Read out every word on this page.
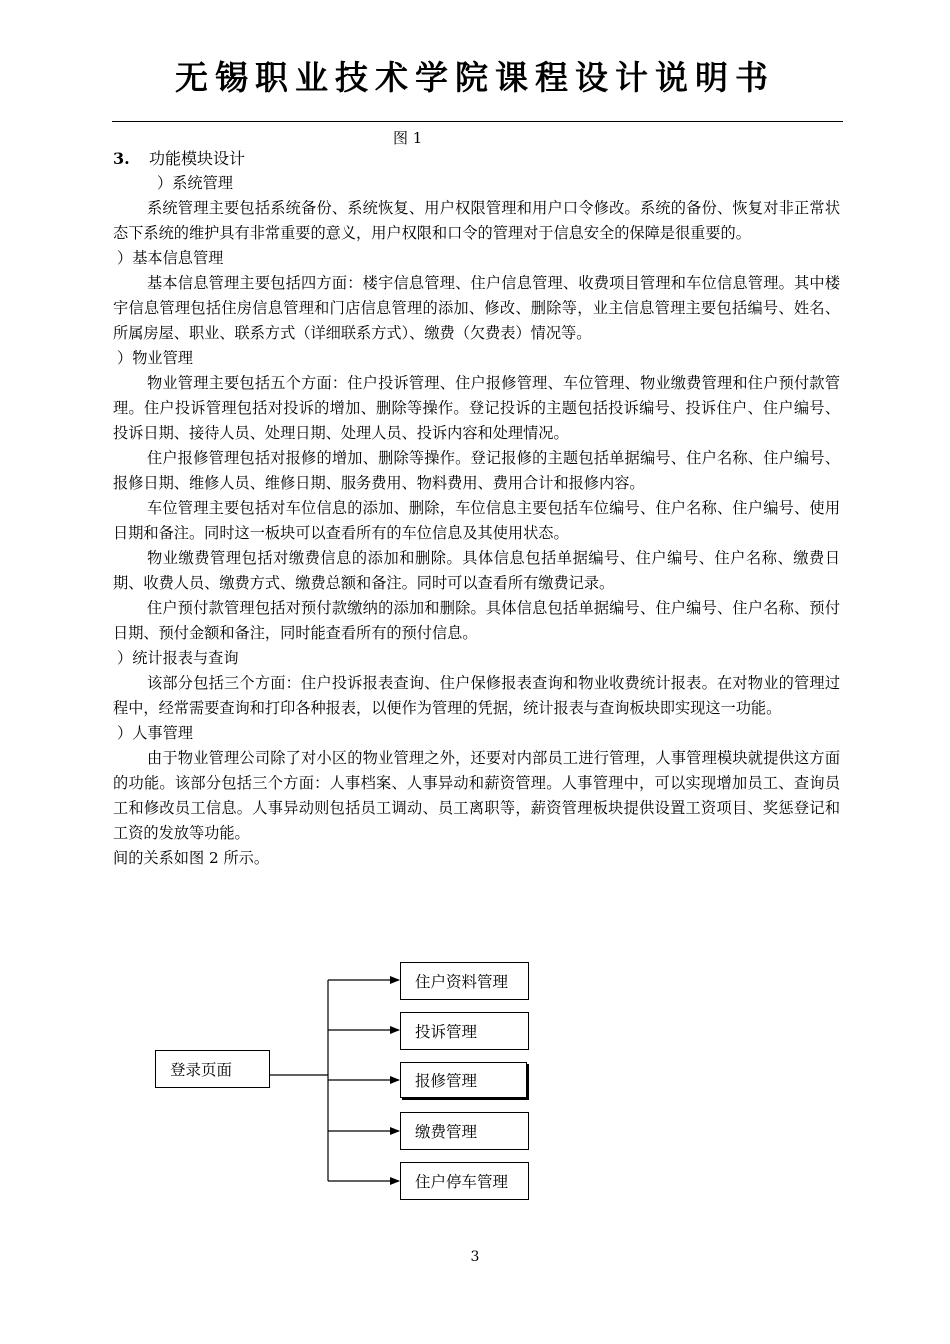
无锡职业技术学院课程设计说明书
图 1

3. 功能模块设计

）系统管理

系统管理主要包括系统备份、系统恢复、用户权限管理和用户口令修改。系统的备份、恢复对非正常状态下系统的维护具有非常重要的意义，用户权限和口令的管理对于信息安全的保障是很重要的。

）基本信息管理

基本信息管理主要包括四方面：楼宇信息管理、住户信息管理、收费项目管理和车位信息管理。其中楼宇信息管理包括住房信息管理和门店信息管理的添加、修改、删除等，业主信息管理主要包括编号、姓名、所属房屋、职业、联系方式（详细联系方式）、缴费（欠费表）情况等。

）物业管理

物业管理主要包括五个方面：住户投诉管理、住户报修管理、车位管理、物业缴费管理和住户预付款管理。住户投诉管理包括对投诉的增加、删除等操作。登记投诉的主题包括投诉编号、投诉住户、住户编号、投诉日期、接待人员、处理日期、处理人员、投诉内容和处理情况。

住户报修管理包括对报修的增加、删除等操作。登记报修的主题包括单据编号、住户名称、住户编号、报修日期、维修人员、维修日期、服务费用、物料费用、费用合计和报修内容。

车位管理主要包括对车位信息的添加、删除，车位信息主要包括车位编号、住户名称、住户编号、使用日期和备注。同时这一板块可以查看所有的车位信息及其使用状态。

物业缴费管理包括对缴费信息的添加和删除。具体信息包括单据编号、住户编号、住户名称、缴费日期、收费人员、缴费方式、缴费总额和备注。同时可以查看所有缴费记录。

住户预付款管理包括对预付款缴纳的添加和删除。具体信息包括单据编号、住户编号、住户名称、预付日期、预付金额和备注，同时能查看所有的预付信息。

）统计报表与查询

该部分包括三个方面：住户投诉报表查询、住户保修报表查询和物业收费统计报表。在对物业的管理过程中，经常需要查询和打印各种报表，以便作为管理的凭据，统计报表与查询板块即实现这一功能。

）人事管理

由于物业管理公司除了对小区的物业管理之外，还要对内部员工进行管理，人事管理模块就提供这方面的功能。该部分包括三个方面：人事档案、人事异动和薪资管理。人事管理中，可以实现增加员工、查询员工和修改员工信息。人事异动则包括员工调动、员工离职等，薪资管理板块提供设置工资项目、奖惩登记和工资的发放等功能。

间的关系如图 2 所示。

登录页面
住户资料管理
投诉管理
报修管理
缴费管理
住户停车管理
3
